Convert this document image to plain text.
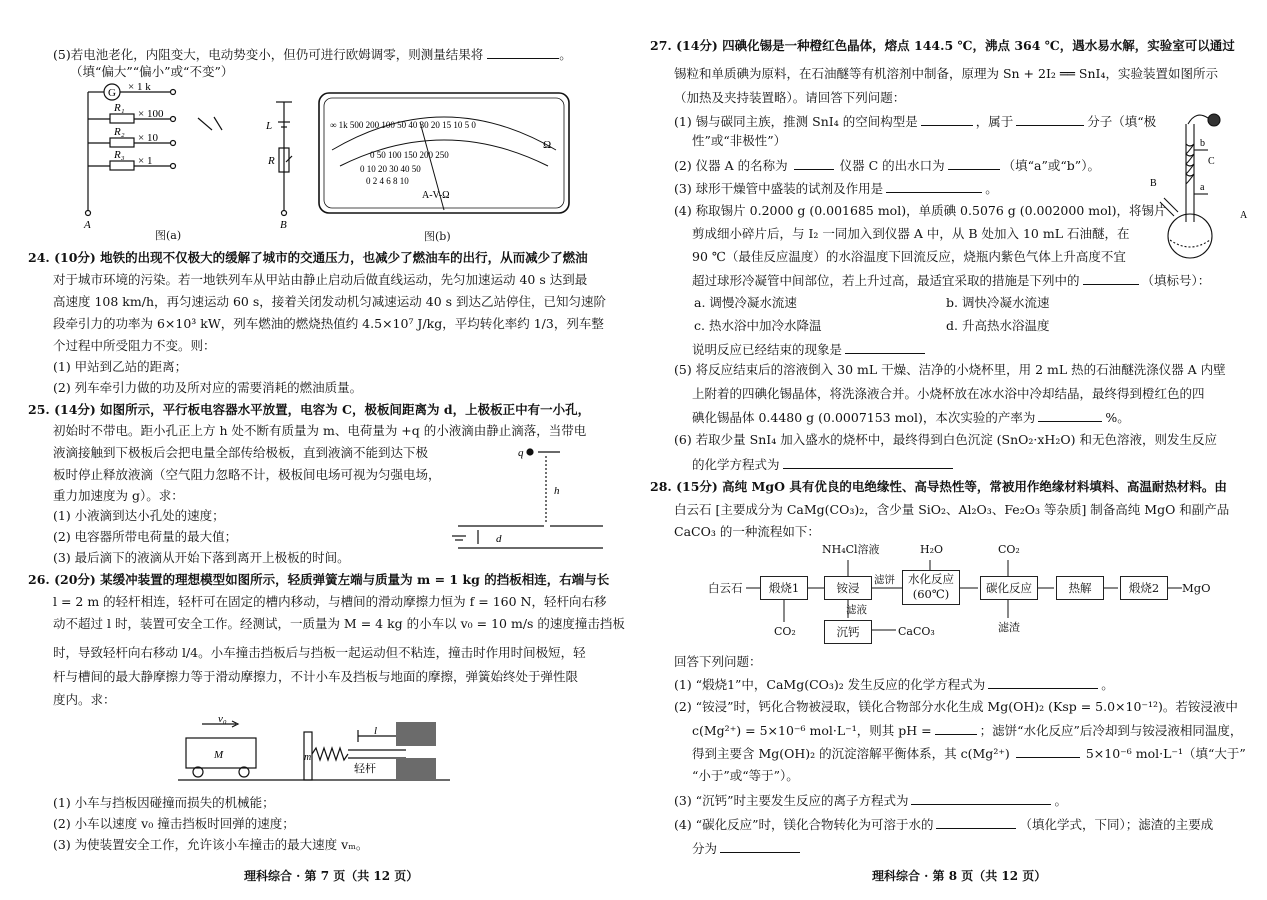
(5)若电池老化，内阻变大，电动势变小，但仍可进行欧姆调零，则测量结果将	。
（填“偏大”“偏小”或“不变”）
G × 1 k
R₁ × 100
R₂ × 10
R₃ × 1
L
R
A	B
图(a)
∞ 1k 500 200 100 50 40 30 20 15 10 5 0
0 50 100 150 200 250
0 10 20 30 40 50
0 2 4 6 8 10
Ω
A-V-Ω
图(b)
24. (10分) 地铁的出现不仅极大的缓解了城市的交通压力，也减少了燃油车的出行，从而减少了燃油
对于城市环境的污染。若一地铁列车从甲站由静止启动后做直线运动，先匀加速运动 40 s 达到最
高速度 108 km/h，再匀速运动 60 s，接着关闭发动机匀减速运动 40 s 到达乙站停住，已知匀速阶
段牵引力的功率为 6×10³ kW，列车燃油的燃烧热值约 4.5×10⁷ J/kg，平均转化率约 1/3，列车整
个过程中所受阻力不变。则：
(1) 甲站到乙站的距离；
(2) 列车牵引力做的功及所对应的需要消耗的燃油质量。
25. (14分) 如图所示，平行板电容器水平放置，电容为 C，极板间距离为 d，上极板正中有一小孔，
初始时不带电。距小孔正上方 h 处不断有质量为 m、电荷量为 +q 的小液滴由静止滴落，当带电
液滴接触到下极板后会把电量全部传给极板，直到液滴不能到达下极
板时停止释放液滴（空气阻力忽略不计，极板间电场可视为匀强电场，
重力加速度为 g）。求：
(1) 小液滴到达小孔处的速度；
(2) 电容器所带电荷量的最大值；
(3) 最后滴下的液滴从开始下落到离开上极板的时间。
q
h
d
26. (20分) 某缓冲装置的理想模型如图所示，轻质弹簧左端与质量为 m = 1 kg 的挡板相连，右端与长
l = 2 m 的轻杆相连，轻杆可在固定的槽内移动，与槽间的滑动摩擦力恒为 f = 160 N，轻杆向右移
动不超过 l 时，装置可安全工作。经测试，一质量为 M = 4 kg 的小车以 v₀ = 10 m/s 的速度撞击挡板
时，导致轻杆向右移动 l/4。小车撞击挡板后与挡板一起运动但不粘连，撞击时作用时间极短，轻
杆与槽间的最大静摩擦力等于滑动摩擦力，不计小车及挡板与地面的摩擦，弹簧始终处于弹性限
度内。求：
v₀
M	m
l
轻杆
(1) 小车与挡板因碰撞而损失的机械能；
(2) 小车以速度 v₀ 撞击挡板时回弹的速度；
(3) 为使装置安全工作，允许该小车撞击的最大速度 vₘ。
理科综合 · 第 7 页（共 12 页）
27. (14分) 四碘化锡是一种橙红色晶体，熔点 144.5 ℃，沸点 364 ℃，遇水易水解，实验室可以通过
锡粒和单质碘为原料，在石油醚等有机溶剂中制备，原理为 Sn + 2I₂ ══ SnI₄，实验装置如图所示
（加热及夹持装置略）。请回答下列问题：
(1) 锡与碳同主族，推测 SnI₄ 的空间构型是	，属于	分子（填“极
性”或“非极性”）
(2) 仪器 A 的名称为	仪器 C 的出水口为	（填“a”或“b”）。
(3) 球形干燥管中盛装的试剂及作用是	。
(4) 称取锡片 0.2000 g (0.001685 mol)，单质碘 0.5076 g (0.002000 mol)，将锡片
剪成细小碎片后，与 I₂ 一同加入到仪器 A 中，从 B 处加入 10 mL 石油醚，在
90 ℃（最佳反应温度）的水浴温度下回流反应，烧瓶内紫色气体上升高度不宜
超过球形冷凝管中间部位，若上升过高，最适宜采取的措施是下列中的	（填标号）：
a. 调慢冷凝水流速	b. 调快冷凝水流速
c. 热水浴中加冷水降温	d. 升高热水浴温度
说明反应已经结束的现象是
b
C
a
B
A
(5) 将反应结束后的溶液倒入 30 mL 干燥、洁净的小烧杯里，用 2 mL 热的石油醚洗涤仪器 A 内壁
上附着的四碘化锡晶体，将洗涤液合并。小烧杯放在冰水浴中冷却结晶，最终得到橙红色的四
碘化锡晶体 0.4480 g (0.0007153 mol)，本次实验的产率为	%。
(6) 若取少量 SnI₄ 加入盛水的烧杯中，最终得到白色沉淀 (SnO₂·xH₂O) 和无色溶液，则发生反应
的化学方程式为
28. (15分) 高纯 MgO 具有优良的电绝缘性、高导热性等，常被用作绝缘材料填料、高温耐热材料。由
白云石 [主要成分为 CaMg(CO₃)₂，含少量 SiO₂、Al₂O₃、Fe₂O₃ 等杂质] 制备高纯 MgO 和副产品
CaCO₃ 的一种流程如下：
白云石	煅烧1	铵浸
滤饼	水化反应
(60℃)	碳化反应	热解	煅烧2	MgO
NH₄Cl溶液	H₂O	CO₂
滤液
沉钙	CaCO₃
CO₂	滤渣
回答下列问题：
(1) “煅烧1”中，CaMg(CO₃)₂ 发生反应的化学方程式为	。
(2) “铵浸”时，钙化合物被浸取，镁化合物部分水化生成 Mg(OH)₂ (Ksp = 5.0×10⁻¹²)。若铵浸液中
c(Mg²⁺) = 5×10⁻⁶ mol·L⁻¹，则其 pH =	；滤饼“水化反应”后冷却到与铵浸液相同温度，
得到主要含 Mg(OH)₂ 的沉淀溶解平衡体系，其 c(Mg²⁺)	5×10⁻⁶ mol·L⁻¹（填“大于”
“小于”或“等于”）。
(3) “沉钙”时主要发生反应的离子方程式为	。
(4) “碳化反应”时，镁化合物转化为可溶于水的	（填化学式，下同）；滤渣的主要成
分为
理科综合 · 第 8 页（共 12 页）
